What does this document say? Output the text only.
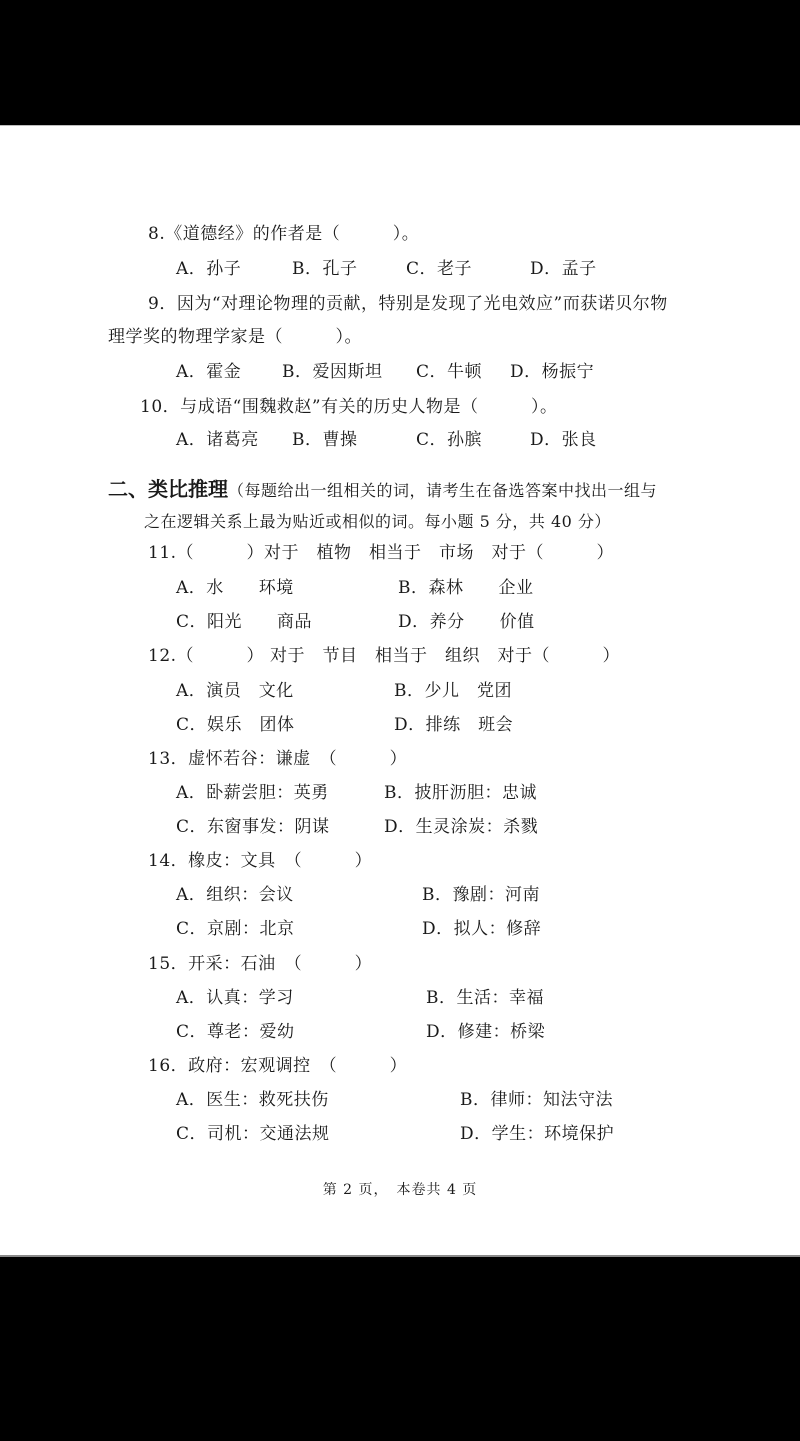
8.《道德经》的作者是（　　　）。
A．孙子	B．孔子	C．老子	D．孟子
9．因为“对理论物理的贡献，特别是发现了光电效应”而获诺贝尔物
理学奖的物理学家是（　　　）。
A．霍金 B．爱因斯坦 C．牛顿 D．杨振宁
10．与成语“围魏救赵”有关的历史人物是（　　　）。
A．诸葛亮 B．曹操	C．孙膑	D．张良
二、类比推理（每题给出一组相关的词，请考生在备选答案中找出一组与
之在逻辑关系上最为贴近或相似的词。每小题 5 分，共 40 分）
11.（　　　）对于　植物　相当于　市场　对于（　　　）
A．水　　环境	B．森林　　企业
C．阳光　　商品	D．养分　　价值
12.（　　　） 对于　节目　相当于　组织　对于（　　　）
A．演员　文化	B．少儿　党团
C．娱乐　团体	D．排练　班会
13．虚怀若谷：谦虚　（　　　）
A．卧薪尝胆：英勇	B．披肝沥胆：忠诚
C．东窗事发：阴谋	D．生灵涂炭：杀戮
14．橡皮：文具　（　　　）
A．组织：会议	B．豫剧：河南
C．京剧：北京	D．拟人：修辞
15．开采：石油　（　　　）
A．认真：学习	B．生活：幸福
C．尊老：爱幼	D．修建：桥梁
16．政府：宏观调控　（　　　）
A．医生：救死扶伤	B．律师：知法守法
C．司机：交通法规	D．学生：环境保护
第 2 页，　本卷共 4 页
